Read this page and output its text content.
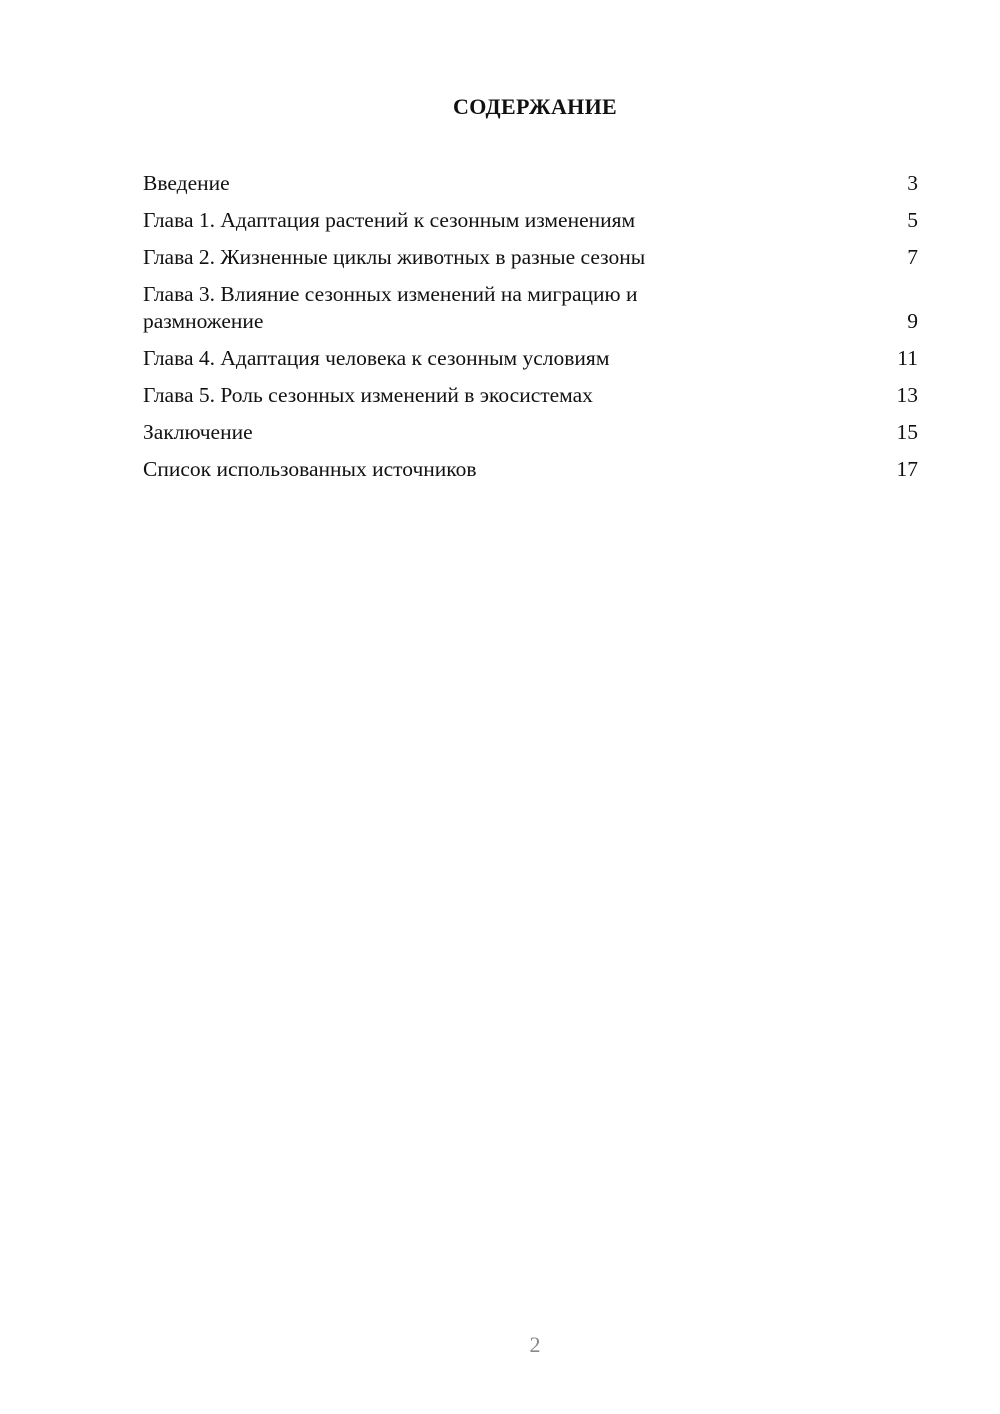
СОДЕРЖАНИЕ
Введение	3
Глава 1. Адаптация растений к сезонным изменениям	5
Глава 2. Жизненные циклы животных в разные сезоны	7
Глава 3. Влияние сезонных изменений на миграцию и размножение	9
Глава 4. Адаптация человека к сезонным условиям	11
Глава 5. Роль сезонных изменений в экосистемах	13
Заключение	15
Список использованных источников	17
2
